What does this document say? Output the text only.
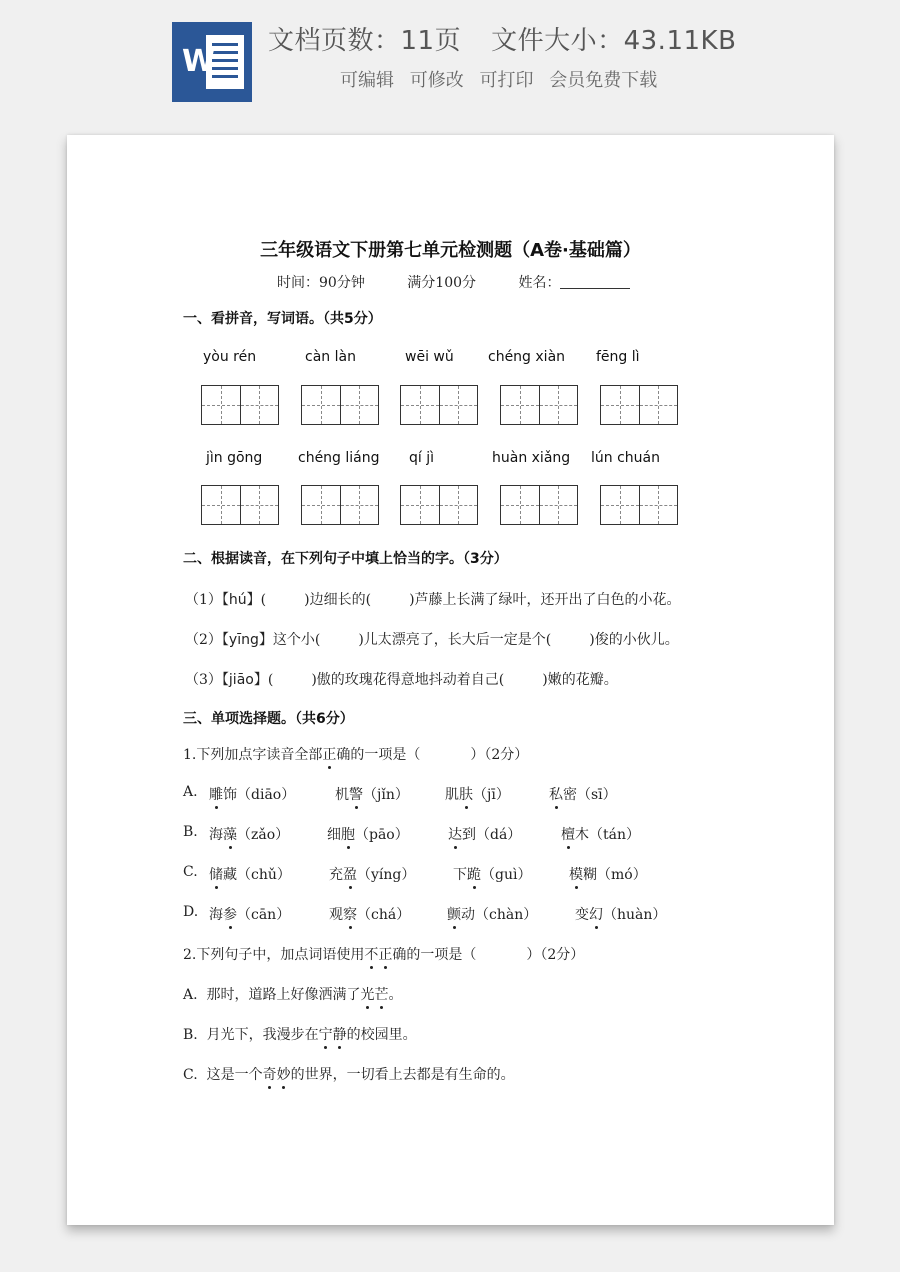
W
文档页数：11页 文件大小：43.11KB
可编辑 可修改 可打印 会员免费下载
三年级语文下册第七单元检测题（A卷·基础篇）
时间：90分钟	满分100分	姓名：
一、看拼音，写词语。（共5分）
yòu rén	càn làn	wēi wǔ chéng xiàn fēng lì
jìn gōng	chéng liáng qí jì	huàn xiǎng lún chuán
二、根据读音，在下列句子中填上恰当的字。（3分）
（1）【hú】(	)边细长的(	)芦藤上长满了绿叶，还开出了白色的小花。
（2）【yīng】这个小(	)儿太漂亮了，长大后一定是个(	)俊的小伙儿。
（3）【jiāo】(	)傲的玫瑰花得意地抖动着自己(	)嫩的花瓣。
三、单项选择题。（共6分）
1.下列加点字读音全部正确的一项是（	）（2分）
A. 雕饰（diāo）	机警（jǐn）	肌肤（jī）	私密（sī）
B. 海藻（zǎo）	细胞（pāo）	达到（dá）	檀木（tán）
C. 储藏（chǔ）	充盈（yíng）	下跪（guì）	模糊（mó）
D. 海参（cān）	观察（chá）	颤动（chàn）	变幻（huàn）
2.下列句子中，加点词语使用不正确的一项是（	）（2分）
A. 那时，道路上好像洒满了光芒。
B. 月光下，我漫步在宁静的校园里。
C. 这是一个奇妙的世界，一切看上去都是有生命的。
